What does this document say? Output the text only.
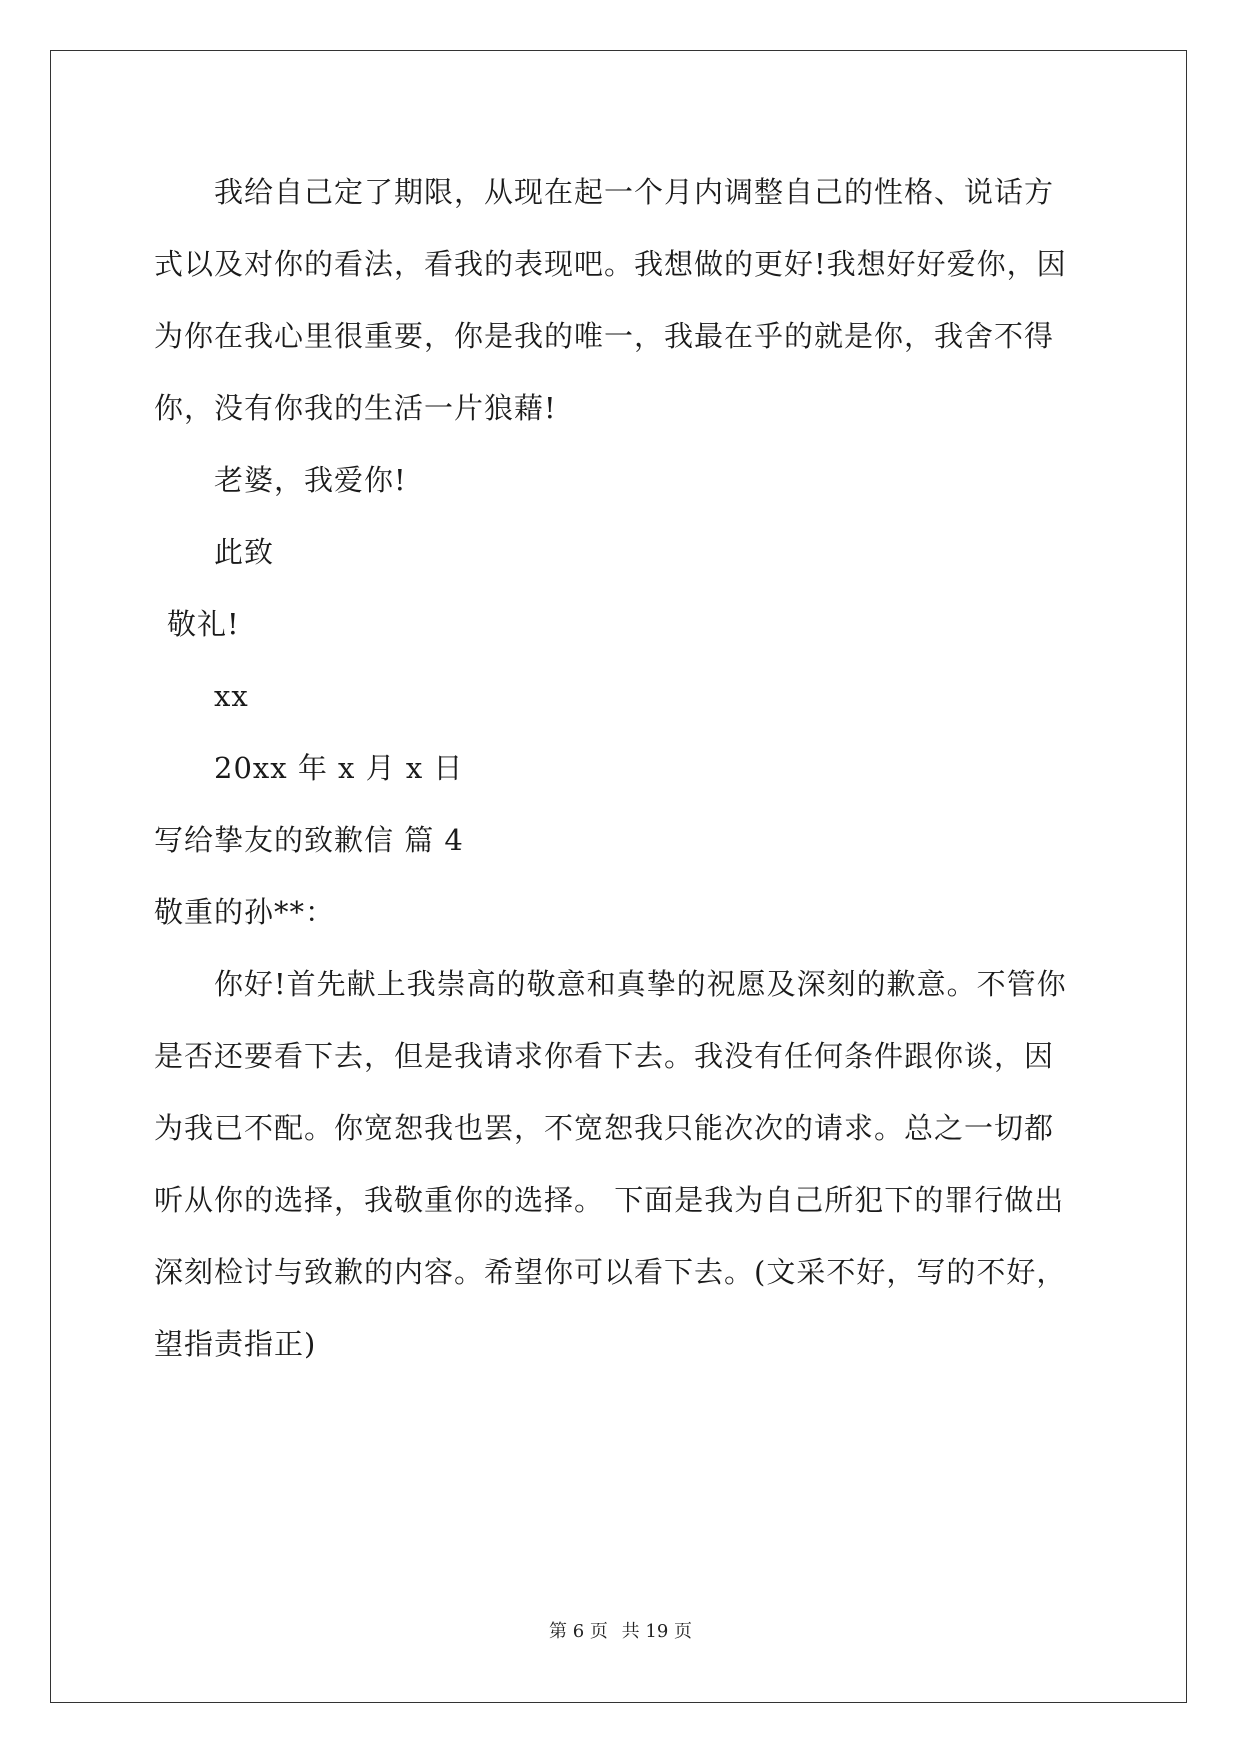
我给自己定了期限，从现在起一个月内调整自己的性格、说话方

式以及对你的看法，看我的表现吧。我想做的更好!我想好好爱你，因

为你在我心里很重要，你是我的唯一，我最在乎的就是你，我舍不得

你，没有你我的生活一片狼藉!

老婆，我爱你!

此致

敬礼!

xx

20xx 年 x 月 x 日

写给挚友的致歉信 篇 4

敬重的孙**：

你好!首先献上我崇高的敬意和真挚的祝愿及深刻的歉意。不管你

是否还要看下去，但是我请求你看下去。我没有任何条件跟你谈，因

为我已不配。你宽恕我也罢，不宽恕我只能次次的请求。总之一切都

听从你的选择，我敬重你的选择。 下面是我为自己所犯下的罪行做出

深刻检讨与致歉的内容。希望你可以看下去。(文采不好，写的不好，

望指责指正)

第 6 页 共 19 页
